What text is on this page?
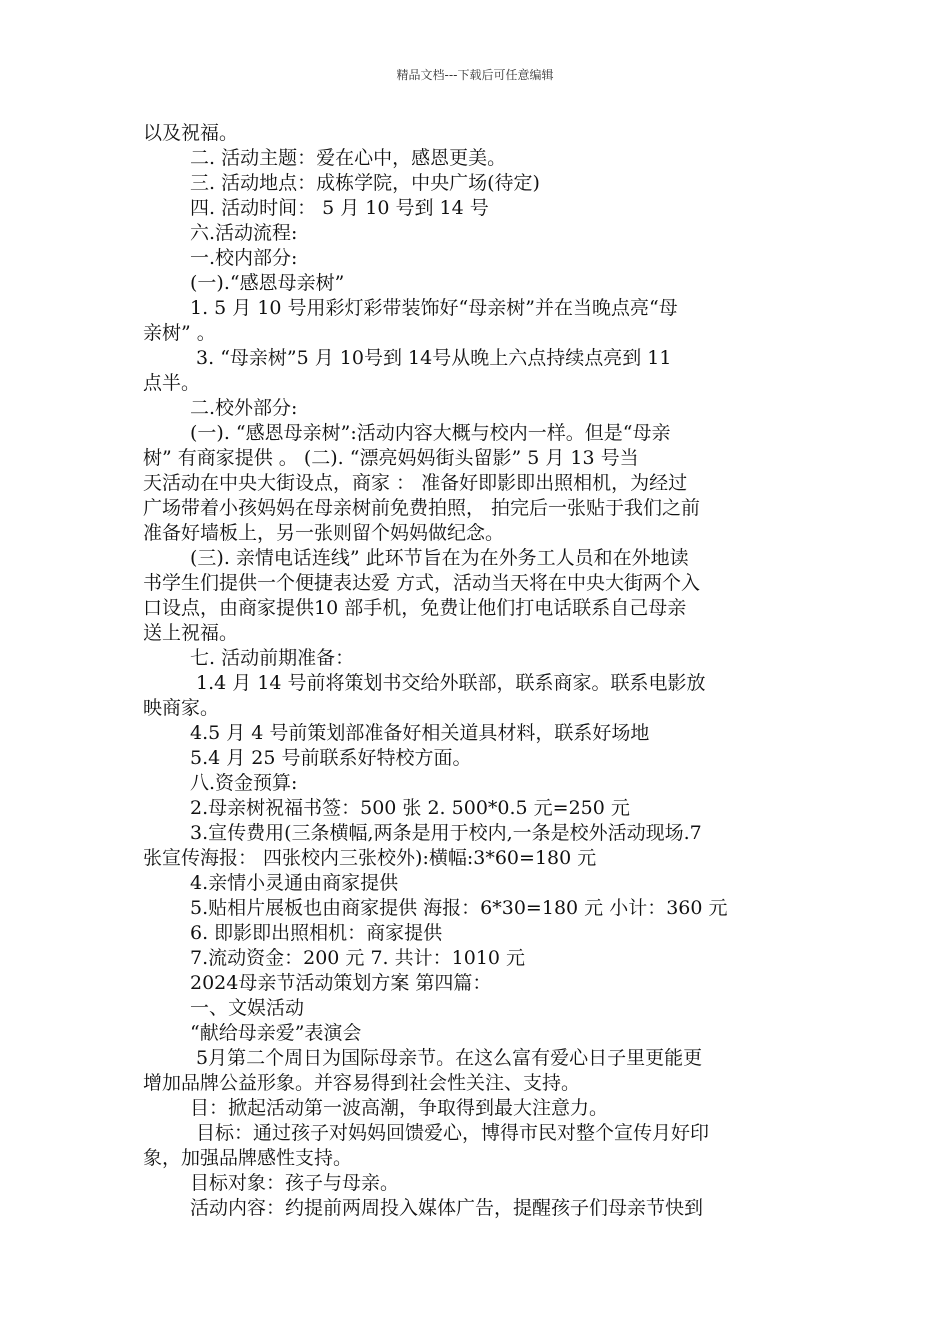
精品文档---下载后可任意编辑
以及祝福。
二. 活动主题：爱在心中，感恩更美。
三. 活动地点：成栋学院，中央广场(待定)
四. 活动时间： 5 月 10 号到 14 号
六.活动流程:
一.校内部分:
(一).“感恩母亲树”
1. 5 月 10 号用彩灯彩带装饰好“母亲树”并在当晚点亮“母
亲树” 。
3. “母亲树”5 月 10号到 14号从晚上六点持续点亮到 11
点半。
二.校外部分:
(一). “感恩母亲树”:活动内容大概与校内一样。但是“母亲
树” 有商家提供 。 (二). “漂亮妈妈街头留影” 5 月 13 号当
天活动在中央大街设点，商家 ： 准备好即影即出照相机，为经过
广场带着小孩妈妈在母亲树前免费拍照， 拍完后一张贴于我们之前
准备好墙板上，另一张则留个妈妈做纪念。
(三). 亲情电话连线” 此环节旨在为在外务工人员和在外地读
书学生们提供一个便捷表达爱 方式，活动当天将在中央大街两个入
口设点，由商家提供10 部手机，免费让他们打电话联系自己母亲
送上祝福。
七. 活动前期准备：
1.4 月 14 号前将策划书交给外联部，联系商家。联系电影放
映商家。
4.5 月 4 号前策划部准备好相关道具材料，联系好场地
5.4 月 25 号前联系好特校方面。
八.资金预算:
2.母亲树祝福书签：500 张 2. 500*0.5 元=250 元
3.宣传费用(三条横幅,两条是用于校内,一条是校外活动现场.7
张宣传海报： 四张校内三张校外):横幅:3*60=180 元
4.亲情小灵通由商家提供
5.贴相片展板也由商家提供 海报：6*30=180 元 小计：360 元
6. 即影即出照相机：商家提供
7.流动资金：200 元 7. 共计：1010 元
2024母亲节活动策划方案 第四篇：
一、文娱活动
“献给母亲爱”表演会
5月第二个周日为国际母亲节。在这么富有爱心日子里更能更
增加品牌公益形象。并容易得到社会性关注、支持。
目：掀起活动第一波高潮，争取得到最大注意力。
目标：通过孩子对妈妈回馈爱心，博得市民对整个宣传月好印
象，加强品牌感性支持。
目标对象：孩子与母亲。
活动内容：约提前两周投入媒体广告，提醒孩子们母亲节快到
